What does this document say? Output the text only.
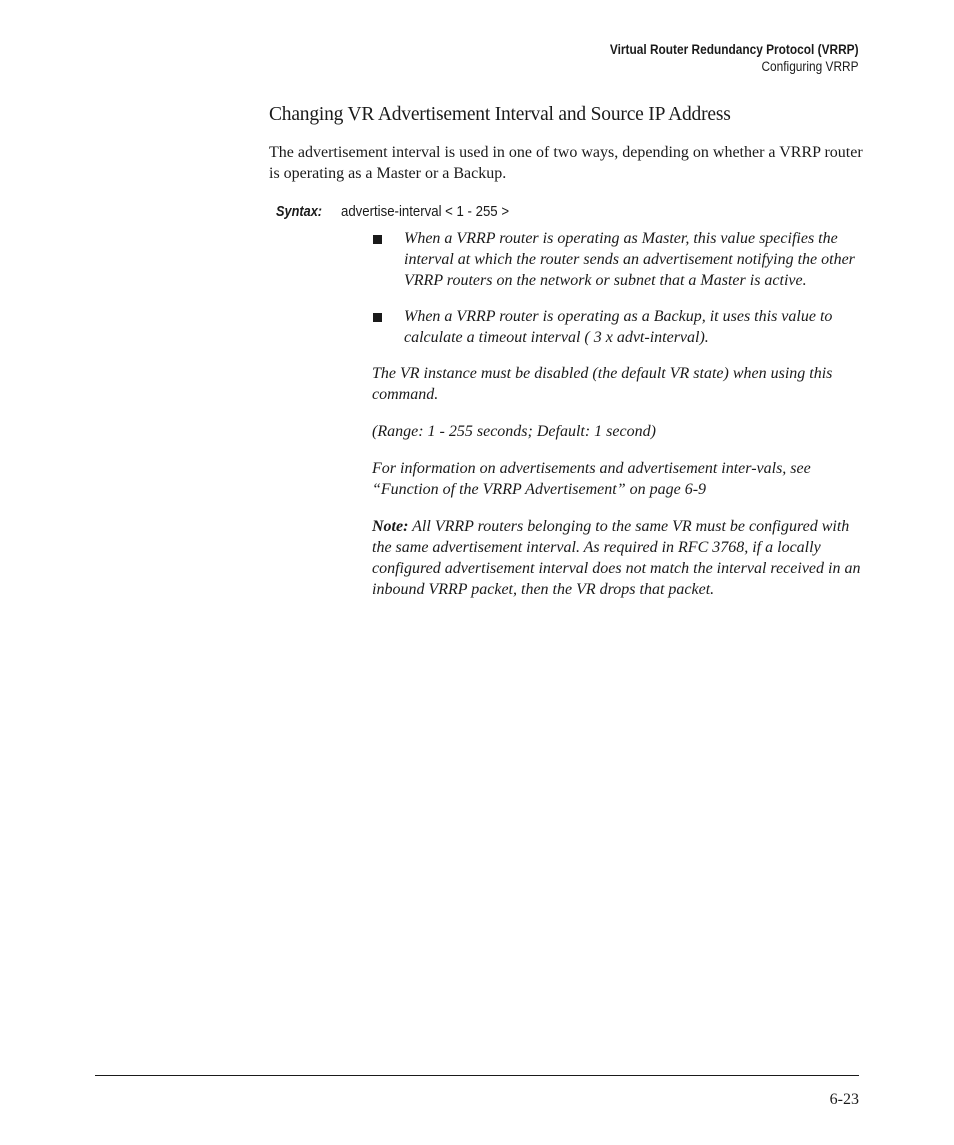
Virtual Router Redundancy Protocol (VRRP)
Configuring VRRP
Changing VR Advertisement Interval and Source IP Address

The advertisement interval is used in one of two ways, depending on whether a VRRP router is operating as a Master or a Backup.

Syntax: advertise-interval < 1 - 255 >
When a VRRP router is operating as Master, this value specifies the interval at which the router sends an advertisement notifying the other VRRP routers on the network or subnet that a Master is active.
When a VRRP router is operating as a Backup, it uses this value to calculate a timeout interval ( 3 x advt-interval).

The VR instance must be disabled (the default VR state) when using this command.

(Range: 1 - 255 seconds; Default: 1 second)

For information on advertisements and advertisement inter-vals, see “Function of the VRRP Advertisement” on page 6-9

Note: All VRRP routers belonging to the same VR must be configured with the same advertisement interval. As required in RFC 3768, if a locally configured advertisement interval does not match the interval received in an inbound VRRP packet, then the VR drops that packet.

6-23
